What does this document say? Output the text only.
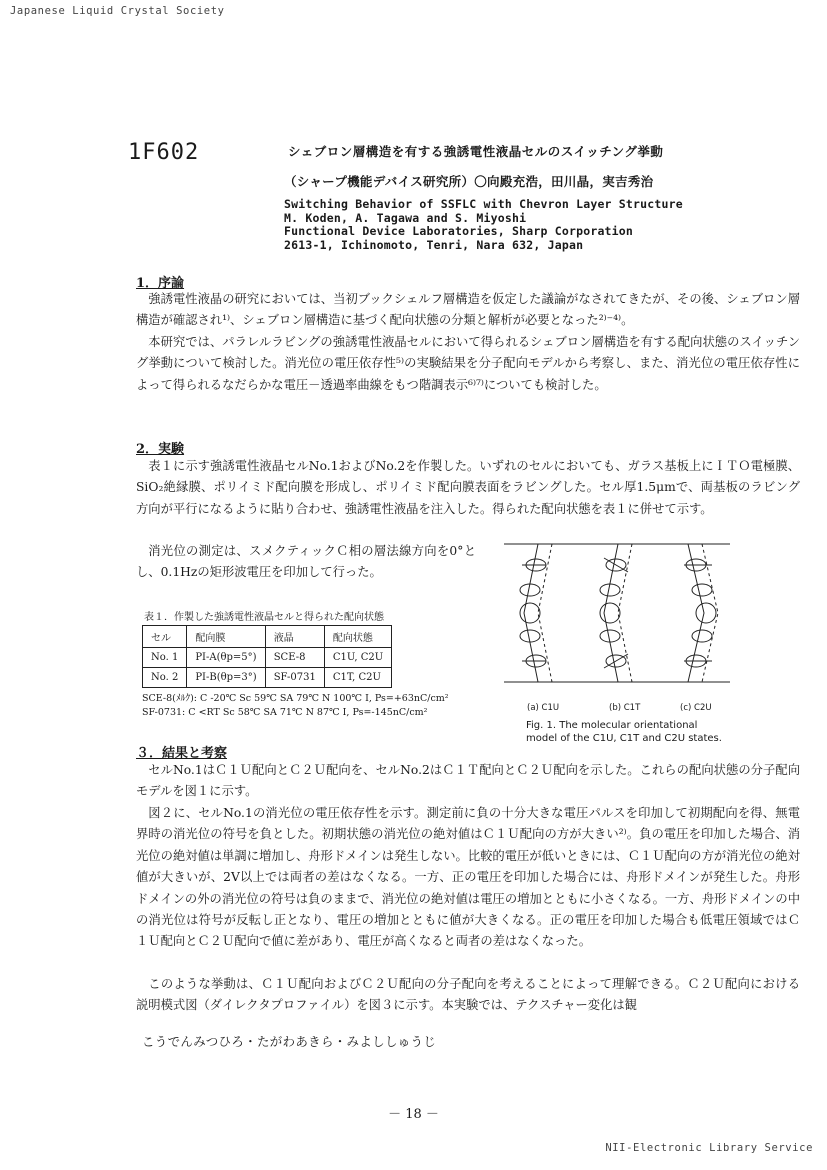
Japanese Liquid Crystal Society
1F602	シェブロン層構造を有する強誘電性液晶セルのスイッチング挙動
（シャープ機能デバイス研究所）〇向殿充浩，田川晶，実吉秀治
Switching Behavior of SSFLC with Chevron Layer Structure
M. Koden, A. Tagawa and S. Miyoshi
Functional Device Laboratories, Sharp Corporation
2613-1, Ichinomoto, Tenri, Nara 632, Japan
1．序論

強誘電性液晶の研究においては、当初ブックシェルフ層構造を仮定した議論がなされてきたが、その後、シェブロン層構造が確認され¹⁾、シェブロン層構造に基づく配向状態の分類と解析が必要となった²⁾⁻⁴⁾。

本研究では、パラレルラビングの強誘電性液晶セルにおいて得られるシェブロン層構造を有する配向状態のスイッチング挙動について検討した。消光位の電圧依存性⁵⁾の実験結果を分子配向モデルから考察し、また、消光位の電圧依存性によって得られるなだらかな電圧－透過率曲線をもつ階調表示⁶⁾⁷⁾についても検討した。

2．実験

表１に示す強誘電性液晶セルNo.1およびNo.2を作製した。いずれのセルにおいても、ガラス基板上にＩＴＯ電極膜、SiO₂絶縁膜、ポリイミド配向膜を形成し、ポリイミド配向膜表面をラビングした。セル厚1.5μmで、両基板のラビング方向が平行になるように貼り合わせ、強誘電性液晶を注入した。得られた配向状態を表１に併せて示す。

消光位の測定は、スメクティックＣ相の層法線方向を0°とし、0.1Hzの矩形波電圧を印加して行った。

表１．作製した強誘電性液晶セルと得られた配向状態
セル	配向膜	液晶	配向状態
No. 1	PI-A(θp=5°)	SCE-8	C1U, C2U
No. 2	PI-B(θp=3°)	SF-0731	C1T, C2U
SCE-8(ﾒﾙｸ): C -20℃ Sc 59℃ SA 79℃ N 100℃ I, Ps=+63nC/cm²
SF-0731: C <RT Sc 58℃ SA 71℃ N 87℃ I, Ps=-145nC/cm²	(a) C1U	(b) C1T	(c) C2U
Fig. 1. The molecular orientational
model of the C1U, C1T and C2U states.
３．結果と考察

セルNo.1はＣ１Ｕ配向とＣ２Ｕ配向を、セルNo.2はＣ１Ｔ配向とＣ２Ｕ配向を示した。これらの配向状態の分子配向モデルを図１に示す。

図２に、セルNo.1の消光位の電圧依存性を示す。測定前に負の十分大きな電圧パルスを印加して初期配向を得、無電界時の消光位の符号を負とした。初期状態の消光位の絶対値はＣ１Ｕ配向の方が大きい²⁾。負の電圧を印加した場合、消光位の絶対値は単調に増加し、舟形ドメインは発生しない。比較的電圧が低いときには、Ｃ１Ｕ配向の方が消光位の絶対値が大きいが、2V以上では両者の差はなくなる。一方、正の電圧を印加した場合には、舟形ドメインが発生した。舟形ドメインの外の消光位の符号は負のままで、消光位の絶対値は電圧の増加とともに小さくなる。一方、舟形ドメインの中の消光位は符号が反転し正となり、電圧の増加とともに値が大きくなる。正の電圧を印加した場合も低電圧領域ではＣ１Ｕ配向とＣ２Ｕ配向で値に差があり、電圧が高くなると両者の差はなくなった。

このような挙動は、Ｃ１Ｕ配向およびＣ２Ｕ配向の分子配向を考えることによって理解できる。Ｃ２Ｕ配向における説明模式図（ダイレクタプロファイル）を図３に示す。本実験では、テクスチャー変化は観

こうでんみつひろ・たがわあきら・みよししゅうじ
－ 18 －
NII-Electronic Library Service
